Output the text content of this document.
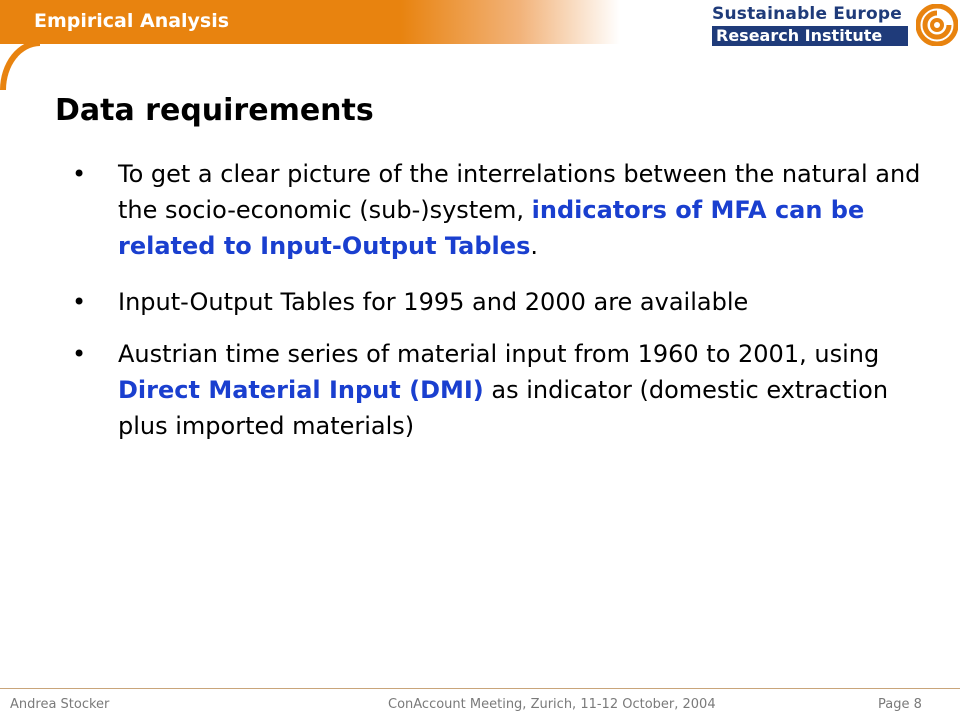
Empirical Analysis	Sustainable Europe
Research Institute
Data requirements
• To get a clear picture of the interrelations between the natural and the socio-economic (sub-)system, indicators of MFA can be related to Input-Output Tables.
• Input-Output Tables for 1995 and 2000 are available
• Austrian time series of material input from 1960 to 2001, using Direct Material Input (DMI) as indicator (domestic extraction plus imported materials)
Andrea Stocker	ConAccount Meeting, Zurich, 11-12 October, 2004	Page 8
